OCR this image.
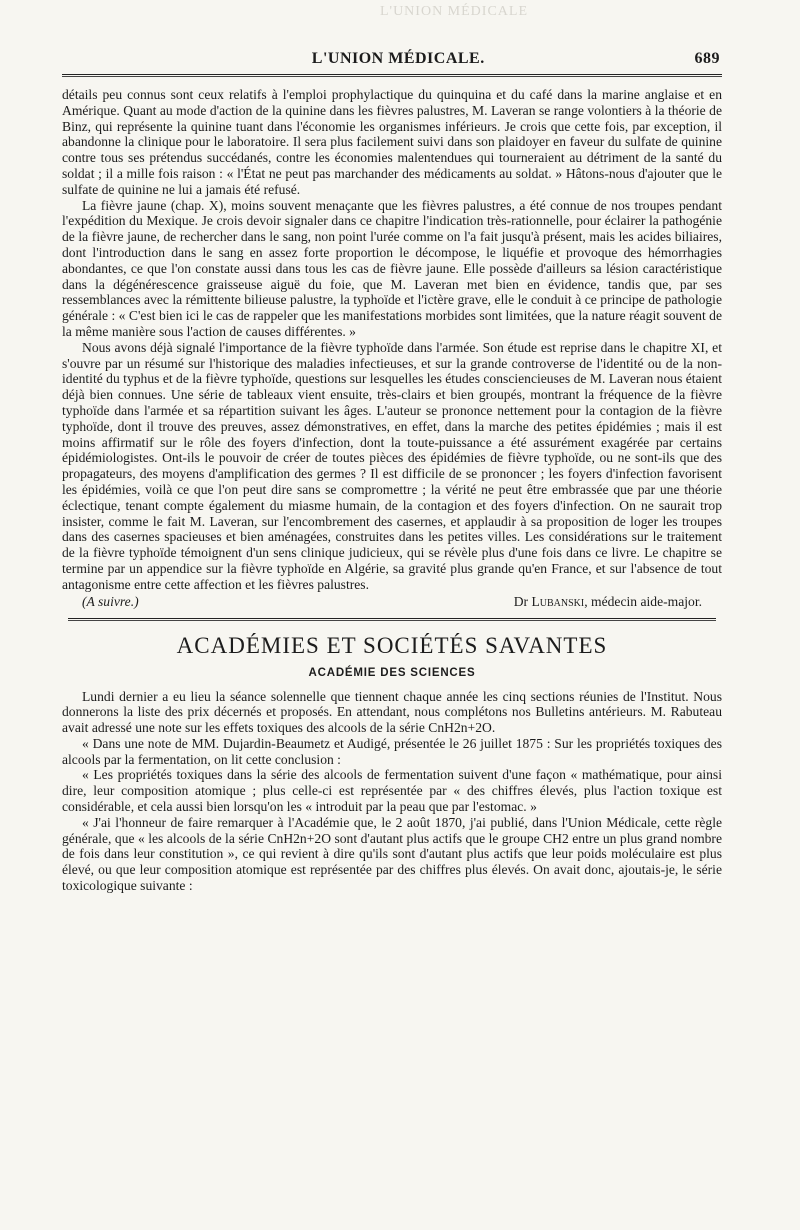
L'UNION MÉDICALE
L'UNION MÉDICALE.	689

détails peu connus sont ceux relatifs à l'emploi prophylactique du quinquina et du café dans la marine anglaise et en Amérique. Quant au mode d'action de la quinine dans les fièvres palustres, M. Laveran se range volontiers à la théorie de Binz, qui représente la quinine tuant dans l'économie les organismes inférieurs. Je crois que cette fois, par exception, il abandonne la clinique pour le laboratoire. Il sera plus facilement suivi dans son plaidoyer en faveur du sulfate de quinine contre tous ses prétendus succédanés, contre les économies malentendues qui tourneraient au détriment de la santé du soldat ; il a mille fois raison : « l'État ne peut pas marchander des médicaments au soldat. » Hâtons-nous d'ajouter que le sulfate de quinine ne lui a jamais été refusé.

La fièvre jaune (chap. X), moins souvent menaçante que les fièvres palustres, a été connue de nos troupes pendant l'expédition du Mexique. Je crois devoir signaler dans ce chapitre l'indication très-rationnelle, pour éclairer la pathogénie de la fièvre jaune, de rechercher dans le sang, non point l'urée comme on l'a fait jusqu'à présent, mais les acides biliaires, dont l'introduction dans le sang en assez forte proportion le décompose, le liquéfie et provoque des hémorrhagies abondantes, ce que l'on constate aussi dans tous les cas de fièvre jaune. Elle possède d'ailleurs sa lésion caractéristique dans la dégénérescence graisseuse aiguë du foie, que M. Laveran met bien en évidence, tandis que, par ses ressemblances avec la rémittente bilieuse palustre, la typhoïde et l'ictère grave, elle le conduit à ce principe de pathologie générale : « C'est bien ici le cas de rappeler que les manifestations morbides sont limitées, que la nature réagit souvent de la même manière sous l'action de causes différentes. »

Nous avons déjà signalé l'importance de la fièvre typhoïde dans l'armée. Son étude est reprise dans le chapitre XI, et s'ouvre par un résumé sur l'historique des maladies infectieuses, et sur la grande controverse de l'identité ou de la non-identité du typhus et de la fièvre typhoïde, questions sur lesquelles les études consciencieuses de M. Laveran nous étaient déjà bien connues. Une série de tableaux vient ensuite, très-clairs et bien groupés, montrant la fréquence de la fièvre typhoïde dans l'armée et sa répartition suivant les âges. L'auteur se prononce nettement pour la contagion de la fièvre typhoïde, dont il trouve des preuves, assez démonstratives, en effet, dans la marche des petites épidémies ; mais il est moins affirmatif sur le rôle des foyers d'infection, dont la toute-puissance a été assurément exagérée par certains épidémiologistes. Ont-ils le pouvoir de créer de toutes pièces des épidémies de fièvre typhoïde, ou ne sont-ils que des propagateurs, des moyens d'amplification des germes ? Il est difficile de se prononcer ; les foyers d'infection favorisent les épidémies, voilà ce que l'on peut dire sans se compromettre ; la vérité ne peut être embrassée que par une théorie éclectique, tenant compte également du miasme humain, de la contagion et des foyers d'infection. On ne saurait trop insister, comme le fait M. Laveran, sur l'encombrement des casernes, et applaudir à sa proposition de loger les troupes dans des casernes spacieuses et bien aménagées, construites dans les petites villes. Les considérations sur le traitement de la fièvre typhoïde témoignent d'un sens clinique judicieux, qui se révèle plus d'une fois dans ce livre. Le chapitre se termine par un appendice sur la fièvre typhoïde en Algérie, sa gravité plus grande qu'en France, et sur l'absence de tout antagonisme entre cette affection et les fièvres palustres.

(A suivre.)	Dr Lubanski, médecin aide-major.
ACADÉMIES ET SOCIÉTÉS SAVANTES
ACADÉMIE DES SCIENCES

Lundi dernier a eu lieu la séance solennelle que tiennent chaque année les cinq sections réunies de l'Institut. Nous donnerons la liste des prix décernés et proposés. En attendant, nous complétons nos Bulletins antérieurs. M. Rabuteau avait adressé une note sur les effets toxiques des alcools de la série CnH2n+2O.

« Dans une note de MM. Dujardin-Beaumetz et Audigé, présentée le 26 juillet 1875 : Sur les propriétés toxiques des alcools par la fermentation, on lit cette conclusion :

« Les propriétés toxiques dans la série des alcools de fermentation suivent d'une façon « mathématique, pour ainsi dire, leur composition atomique ; plus celle-ci est représentée par « des chiffres élevés, plus l'action toxique est considérable, et cela aussi bien lorsqu'on les « introduit par la peau que par l'estomac. »

« J'ai l'honneur de faire remarquer à l'Académie que, le 2 août 1870, j'ai publié, dans l'Union Médicale, cette règle générale, que « les alcools de la série CnH2n+2O sont d'autant plus actifs que le groupe CH2 entre un plus grand nombre de fois dans leur constitution », ce qui revient à dire qu'ils sont d'autant plus actifs que leur poids moléculaire est plus élevé, ou que leur composition atomique est représentée par des chiffres plus élevés. On avait donc, ajoutais-je, le série toxicologique suivante :
